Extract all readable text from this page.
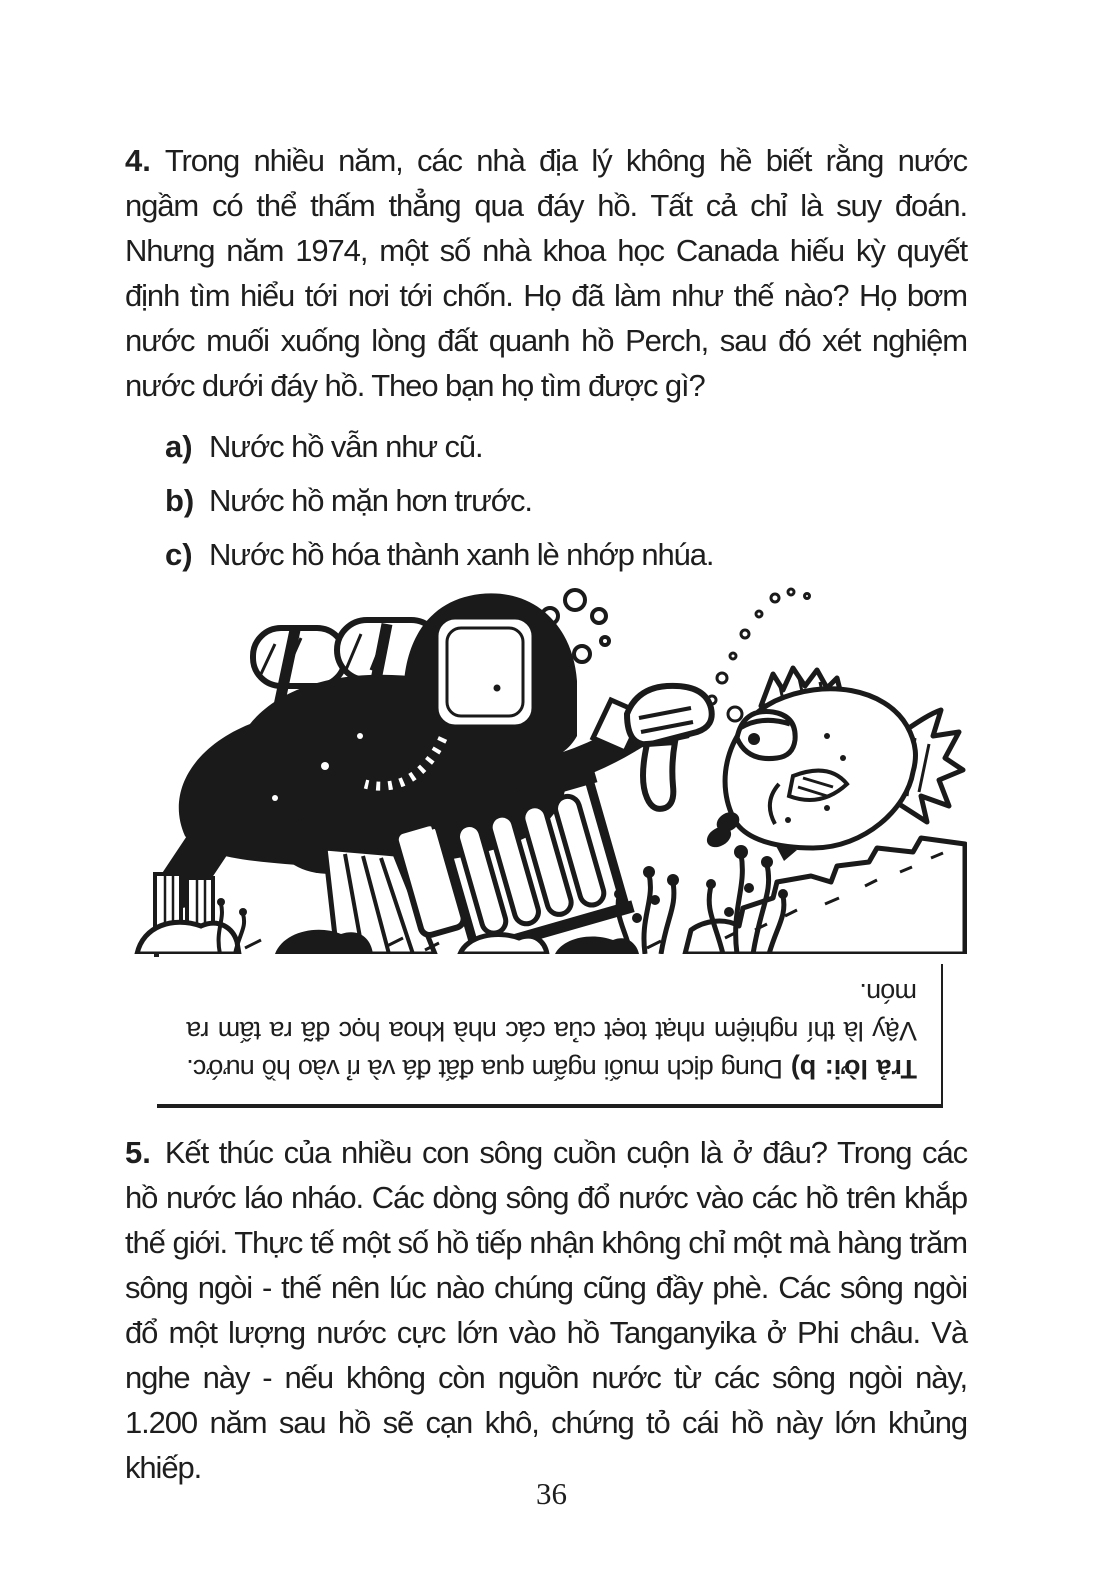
4. Trong nhiều năm, các nhà địa lý không hề biết rằng nước ngầm có thể thấm thẳng qua đáy hồ. Tất cả chỉ là suy đoán. Nhưng năm 1974, một số nhà khoa học Canada hiếu kỳ quyết định tìm hiểu tới nơi tới chốn. Họ đã làm như thế nào? Họ bơm nước muối xuống lòng đất quanh hồ Perch, sau đó xét nghiệm nước dưới đáy hồ. Theo bạn họ tìm được gì?

a) Nước hồ vẫn như cũ.
b) Nước hồ mặn hơn trước.
c) Nước hồ hóa thành xanh lè nhớp nhúa.

Trả lời: b)Dung dịch muối ngấm qua đất đá và rỉ vào hồ nước. Vậy là thí nghiệm nhạt toẹt của các nhà khoa học đã ra tấm ra món.

5. Kết thúc của nhiều con sông cuồn cuộn là ở đâu? Trong các hồ nước láo nháo. Các dòng sông đổ nước vào các hồ trên khắp thế giới. Thực tế một số hồ tiếp nhận không chỉ một mà hàng trăm sông ngòi - thế nên lúc nào chúng cũng đầy phè. Các sông ngòi đổ một lượng nước cực lớn vào hồ Tanganyika ở Phi châu. Và nghe này - nếu không còn nguồn nước từ các sông ngòi này, 1.200 năm sau hồ sẽ cạn khô, chứng tỏ cái hồ này lớn khủng khiếp.

36
